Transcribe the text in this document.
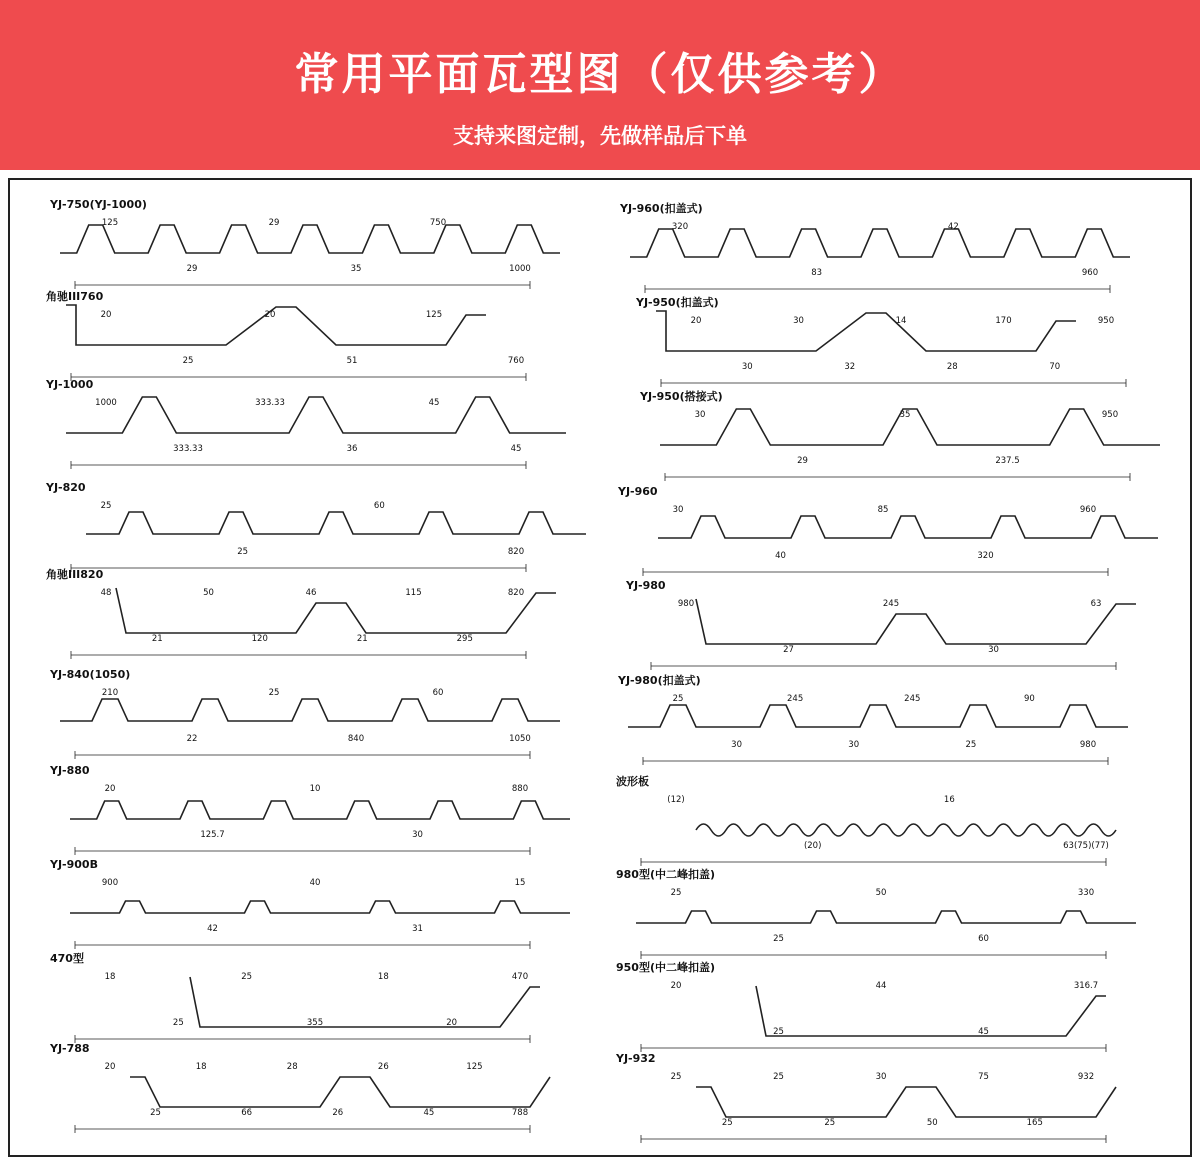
常用平面瓦型图（仅供参考）
支持来图定制，先做样品后下单
YJ-750(YJ-1000)
125
29
29
35
750
1000
角驰III760
20
25
20
51
125
760
YJ-1000
1000
333.33
333.33
36
45
45
YJ-820
25
25
60
820
角驰III820
48
21
50
120
46
21
115
295
820
YJ-840(1050)
210
22
25
840
60
1050
YJ-880
20
125.7
10
30
880
YJ-900B
900
42
40
31
15
470型
18
25
25
355
18
20
470
YJ-788
20
25
18
66
28
26
26
45
125
788
YJ-960(扣盖式)
320
83
42
960
YJ-950(扣盖式)
20
30
30
32
14
28
170
70
950
YJ-950(搭接式)
30
29
35
237.5
950
YJ-960
30
40
85
320
960
YJ-980
980
27
245
30
63
YJ-980(扣盖式)
25
30
245
30
245
25
90
980
波形板
(12)
(20)
16
63(75)(77)
980型(中二峰扣盖)
25
25
50
60
330
950型(中二峰扣盖)
20
25
44
45
316.7
YJ-932
25
25
25
25
30
50
75
165
932
